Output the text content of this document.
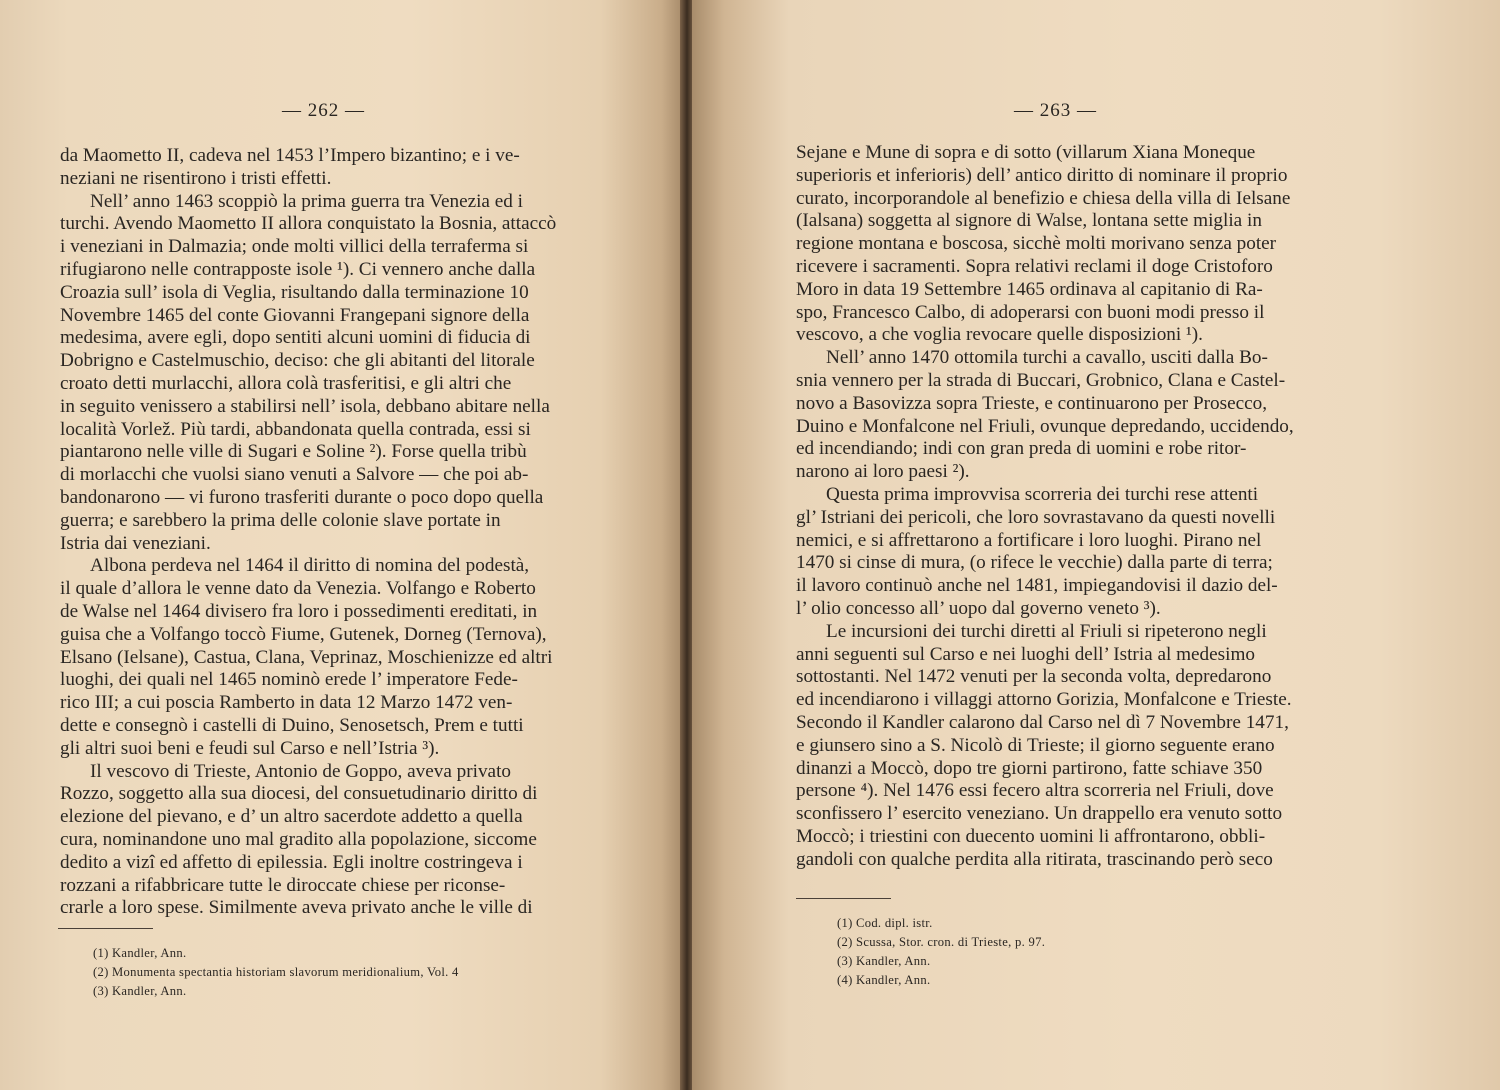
— 262 —

da Maometto II, cadeva nel 1453 l’Impero bizantino; e i ve-
neziani ne risentirono i tristi effetti.

Nell’ anno 1463 scoppiò la prima guerra tra Venezia ed i
turchi. Avendo Maometto II allora conquistato la Bosnia, attaccò
i veneziani in Dalmazia; onde molti villici della terraferma si
rifugiarono nelle contrapposte isole ¹). Ci vennero anche dalla
Croazia sull’ isola di Veglia, risultando dalla terminazione 10
Novembre 1465 del conte Giovanni Frangepani signore della
medesima, avere egli, dopo sentiti alcuni uomini di fiducia di
Dobrigno e Castelmuschio, deciso: che gli abitanti del litorale
croato detti murlacchi, allora colà trasferitisi, e gli altri che
in seguito venissero a stabilirsi nell’ isola, debbano abitare nella
località Vorlež. Più tardi, abbandonata quella contrada, essi si
piantarono nelle ville di Sugari e Soline ²). Forse quella tribù
di morlacchi che vuolsi siano venuti a Salvore — che poi ab-
bandonarono — vi furono trasferiti durante o poco dopo quella
guerra; e sarebbero la prima delle colonie slave portate in
Istria dai veneziani.

Albona perdeva nel 1464 il diritto di nomina del podestà,
il quale d’allora le venne dato da Venezia. Volfango e Roberto
de Walse nel 1464 divisero fra loro i possedimenti ereditati, in
guisa che a Volfango toccò Fiume, Gutenek, Dorneg (Ternova),
Elsano (Ielsane), Castua, Clana, Veprinaz, Moschienizze ed altri
luoghi, dei quali nel 1465 nominò erede l’ imperatore Fede-
rico III; a cui poscia Ramberto in data 12 Marzo 1472 ven-
dette e consegnò i castelli di Duino, Senosetsch, Prem e tutti
gli altri suoi beni e feudi sul Carso e nell’Istria ³).

Il vescovo di Trieste, Antonio de Goppo, aveva privato
Rozzo, soggetto alla sua diocesi, del consuetudinario diritto di
elezione del pievano, e d’ un altro sacerdote addetto a quella
cura, nominandone uno mal gradito alla popolazione, siccome
dedito a vizî ed affetto di epilessia. Egli inoltre costringeva i
rozzani a rifabbricare tutte le diroccate chiese per riconse-
crarle a loro spese. Similmente aveva privato anche le ville di

(1) Kandler, Ann.
(2) Monumenta spectantia historiam slavorum meridionalium, Vol. 4
(3) Kandler, Ann.
— 263 —

Sejane e Mune di sopra e di sotto (villarum Xiana Moneque
superioris et inferioris) dell’ antico diritto di nominare il proprio
curato, incorporandole al benefizio e chiesa della villa di Ielsane
(Ialsana) soggetta al signore di Walse, lontana sette miglia in
regione montana e boscosa, sicchè molti morivano senza poter
ricevere i sacramenti. Sopra relativi reclami il doge Cristoforo
Moro in data 19 Settembre 1465 ordinava al capitanio di Ra-
spo, Francesco Calbo, di adoperarsi con buoni modi presso il
vescovo, a che voglia revocare quelle disposizioni ¹).

Nell’ anno 1470 ottomila turchi a cavallo, usciti dalla Bo-
snia vennero per la strada di Buccari, Grobnico, Clana e Castel-
novo a Basovizza sopra Trieste, e continuarono per Prosecco,
Duino e Monfalcone nel Friuli, ovunque depredando, uccidendo,
ed incendiando; indi con gran preda di uomini e robe ritor-
narono ai loro paesi ²).

Questa prima improvvisa scorreria dei turchi rese attenti
gl’ Istriani dei pericoli, che loro sovrastavano da questi novelli
nemici, e si affrettarono a fortificare i loro luoghi. Pirano nel
1470 si cinse di mura, (o rifece le vecchie) dalla parte di terra;
il lavoro continuò anche nel 1481, impiegandovisi il dazio del-
l’ olio concesso all’ uopo dal governo veneto ³).

Le incursioni dei turchi diretti al Friuli si ripeterono negli
anni seguenti sul Carso e nei luoghi dell’ Istria al medesimo
sottostanti. Nel 1472 venuti per la seconda volta, depredarono
ed incendiarono i villaggi attorno Gorizia, Monfalcone e Trieste.
Secondo il Kandler calarono dal Carso nel dì 7 Novembre 1471,
e giunsero sino a S. Nicolò di Trieste; il giorno seguente erano
dinanzi a Moccò, dopo tre giorni partirono, fatte schiave 350
persone ⁴). Nel 1476 essi fecero altra scorreria nel Friuli, dove
sconfissero l’ esercito veneziano. Un drappello era venuto sotto
Moccò; i triestini con duecento uomini li affrontarono, obbli-
gandoli con qualche perdita alla ritirata, trascinando però seco

(1) Cod. dipl. istr.
(2) Scussa, Stor. cron. di Trieste, p. 97.
(3) Kandler, Ann.
(4) Kandler, Ann.
